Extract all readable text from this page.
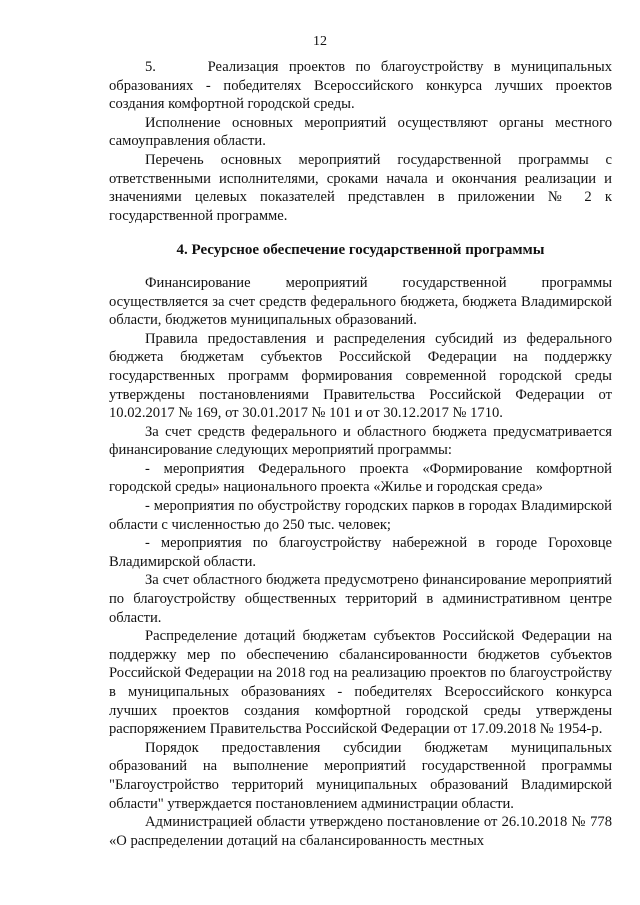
12

5.     Реализация проектов по благоустройству в муниципальных образованиях - победителях Всероссийского конкурса лучших проектов создания комфортной городской среды.

Исполнение основных мероприятий осуществляют органы местного самоуправления области.

Перечень основных мероприятий государственной программы с ответственными исполнителями, сроками начала и окончания реализации и значениями целевых показателей представлен в приложении № 2 к государственной программе.

4. Ресурсное обеспечение государственной программы

Финансирование мероприятий государственной программы осуществляется за счет средств федерального бюджета, бюджета Владимирской области, бюджетов муниципальных образований.

Правила предоставления и распределения субсидий из федерального бюджета бюджетам субъектов Российской Федерации на поддержку государственных программ формирования современной городской среды утверждены постановлениями Правительства Российской Федерации от 10.02.2017 № 169, от 30.01.2017 № 101 и от 30.12.2017 № 1710.

За счет средств федерального и областного бюджета предусматривается финансирование следующих мероприятий программы:

- мероприятия Федерального проекта «Формирование комфортной городской среды» национального проекта «Жилье и городская среда»

- мероприятия по обустройству городских парков в городах Владимирской области с численностью до 250 тыс. человек;

- мероприятия по благоустройству набережной в городе Гороховце Владимирской области.

За счет областного бюджета предусмотрено финансирование мероприятий по благоустройству общественных территорий в административном центре области.

Распределение дотаций бюджетам субъектов Российской Федерации на поддержку мер по обеспечению сбалансированности бюджетов субъектов Российской Федерации на 2018 год на реализацию проектов по благоустройству в муниципальных образованиях - победителях Всероссийского конкурса лучших проектов создания комфортной городской среды утверждены распоряжением Правительства Российской Федерации от 17.09.2018 № 1954-р.

Порядок предоставления субсидии бюджетам муниципальных образований на выполнение мероприятий государственной программы "Благоустройство территорий муниципальных образований Владимирской области" утверждается постановлением администрации области.

Администрацией области утверждено постановление от 26.10.2018 № 778 «О распределении дотаций на сбалансированность местных
